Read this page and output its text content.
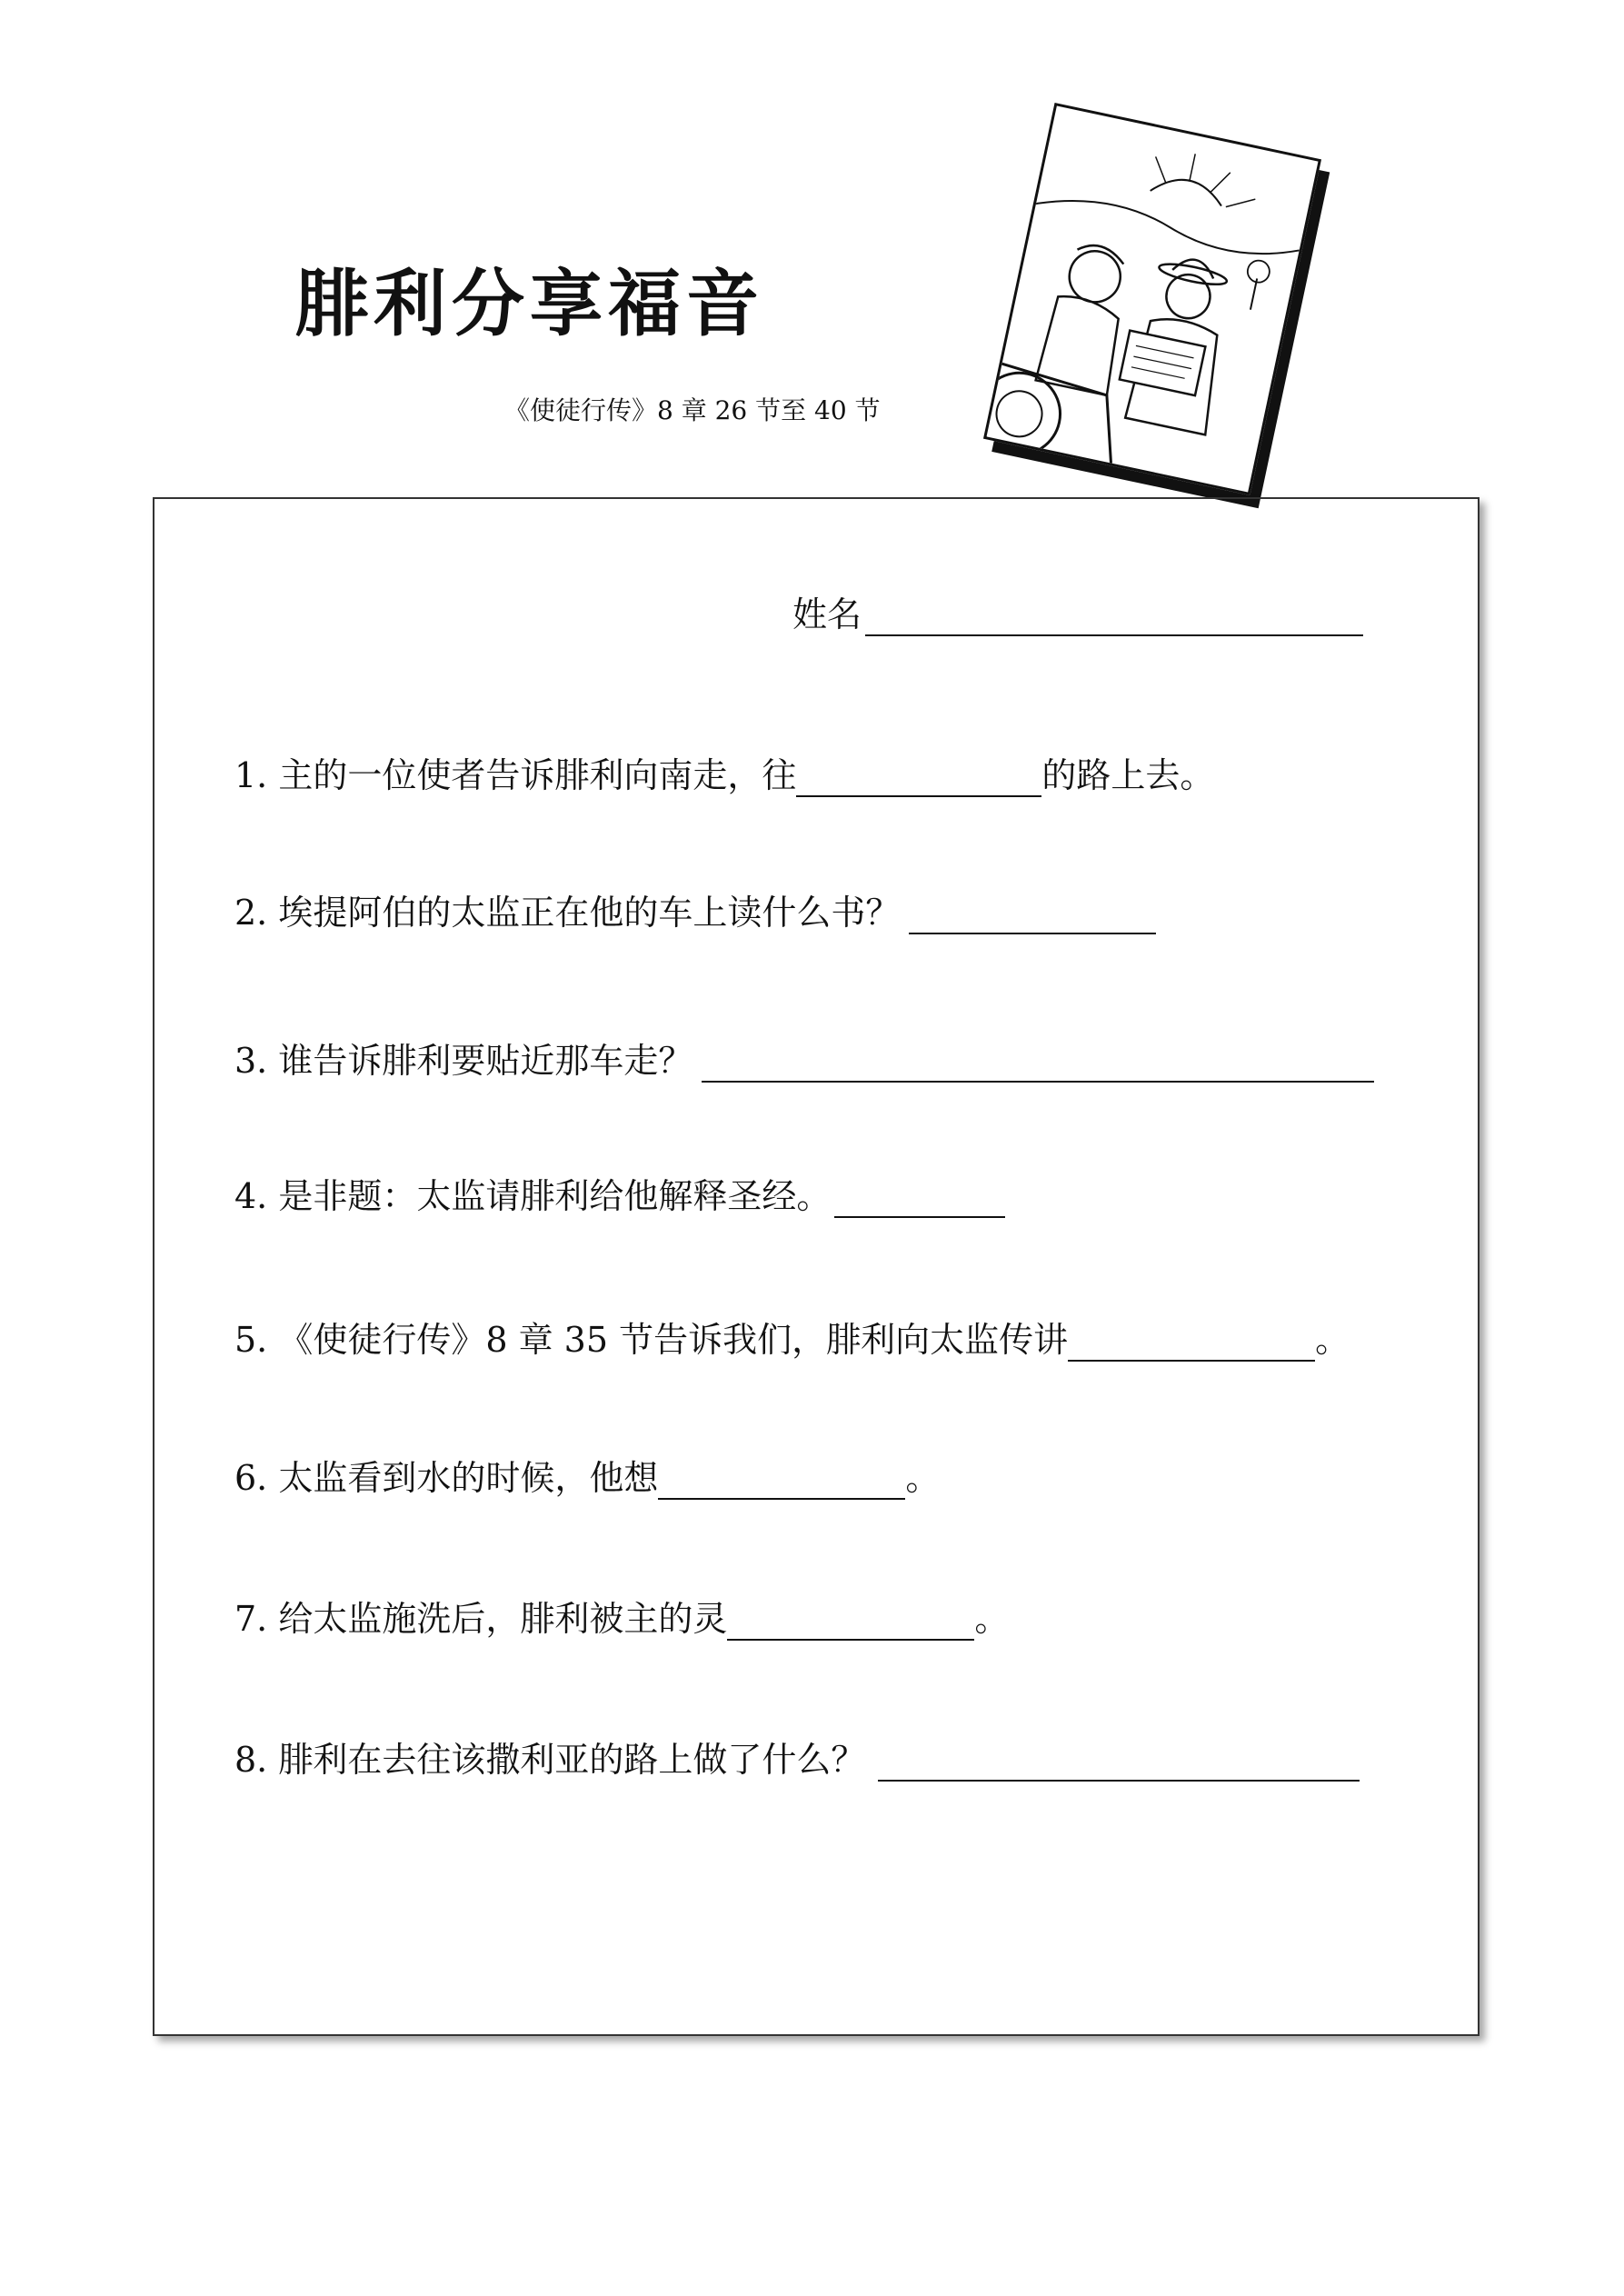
腓利分享福音
《使徒行传》8 章 26 节至 40 节
姓名
1. 主的一位使者告诉腓利向南走，往	的路上去。
2. 埃提阿伯的太监正在他的车上读什么书？
3. 谁告诉腓利要贴近那车走？
4. 是非题：太监请腓利给他解释圣经。
5. 《使徒行传》8 章 35 节告诉我们，腓利向太监传讲	。
6. 太监看到水的时候，他想	。
7. 给太监施洗后，腓利被主的灵	。
8. 腓利在去往该撒利亚的路上做了什么？
